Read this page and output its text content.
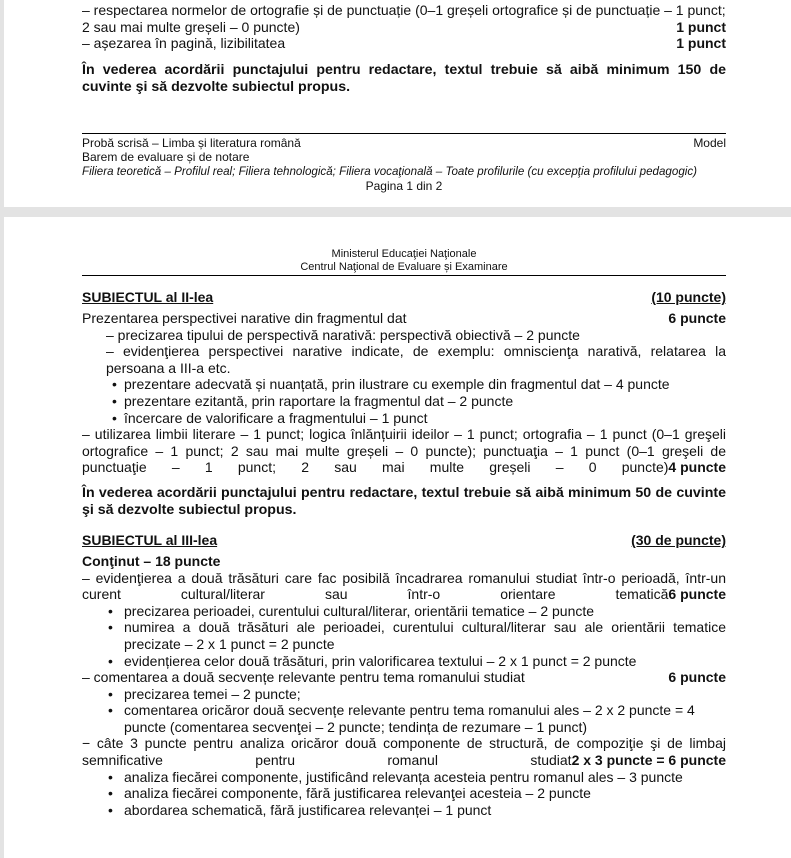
– respectarea normelor de ortografie și de punctuație (0–1 greșeli ortografice și de punctuație – 1 punct;
2 sau mai multe greșeli – 0 puncte)	1 punct
– așezarea în pagină, lizibilitatea	1 punct
În vederea acordării punctajului pentru redactare, textul trebuie să aibă minimum 150 de cuvinte şi să dezvolte subiectul propus.
Probă scrisă – Limba și literatura română	Model
Barem de evaluare și de notare
Filiera teoretică – Profilul real; Filiera tehnologică; Filiera vocaţională – Toate profilurile (cu excepţia profilului pedagogic)
Pagina 1 din 2
Ministerul Educaţiei Naţionale
Centrul Naţional de Evaluare și Examinare
SUBIECTUL al II-lea	(10 puncte)
Prezentarea perspectivei narative din fragmentul dat	6 puncte
– precizarea tipului de perspectivă narativă: perspectivă obiectivă – 2 puncte
– evidenţierea perspectivei narative indicate, de exemplu: omniscienţa narativă, relatarea la persoana a III-a etc.
• prezentare adecvată și nuanțată, prin ilustrare cu exemple din fragmentul dat – 4 puncte
• prezentare ezitantă, prin raportare la fragmentul dat – 2 puncte
• încercare de valorificare a fragmentului – 1 punct
– utilizarea limbii literare – 1 punct; logica înlănțuirii ideilor – 1 punct; ortografia – 1 punct (0–1 greşeli ortografice – 1 punct; 2 sau mai multe greșeli – 0 puncte); punctuaţia – 1 punct (0–1 greşeli de punctuaţie – 1 punct; 2 sau mai multe greșeli – 0 puncte) 4 puncte
În vederea acordării punctajului pentru redactare, textul trebuie să aibă minimum 50 de cuvinte şi să dezvolte subiectul propus.
SUBIECTUL al III-lea	(30 de puncte)
Conţinut – 18 puncte
– evidenţierea a două trăsături care fac posibilă încadrarea romanului studiat într-o perioadă, într-un curent cultural/literar sau într-o orientare tematică 6 puncte
• precizarea perioadei, curentului cultural/literar, orientării tematice – 2 puncte
• numirea a două trăsături ale perioadei, curentului cultural/literar sau ale orientării tematice precizate – 2 x 1 punct = 2 puncte
• evidențierea celor două trăsături, prin valorificarea textului – 2 x 1 punct = 2 puncte
– comentarea a două secvențe relevante pentru tema romanului studiat	6 puncte
• precizarea temei – 2 puncte;
• comentarea oricăror două secvențe relevante pentru tema romanului ales – 2 x 2 puncte = 4 puncte (comentarea secvenţei – 2 puncte; tendința de rezumare – 1 punct)
− câte 3 puncte pentru analiza oricăror două componente de structură, de compoziţie şi de limbaj semnificative pentru romanul studiat 2 x 3 puncte = 6 puncte
• analiza fiecărei componente, justificând relevanța acesteia pentru romanul ales – 3 puncte
• analiza fiecărei componente, fără justificarea relevanţei acesteia – 2 puncte
• abordarea schematică, fără justificarea relevanței – 1 punct
